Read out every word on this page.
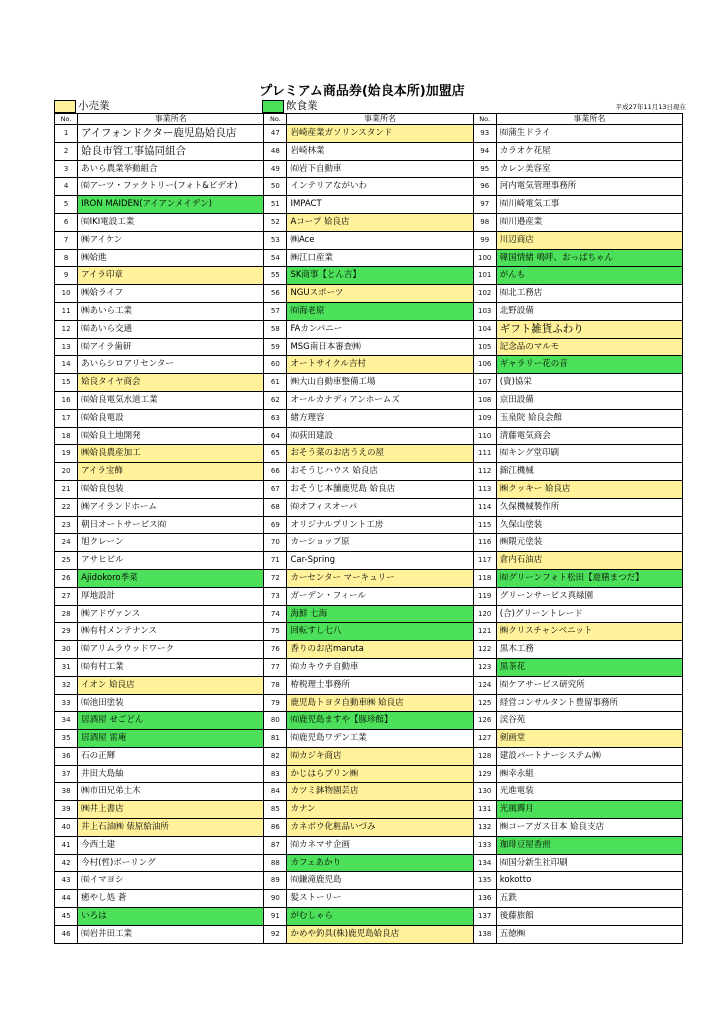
プレミアム商品券(姶良本所)加盟店
小売業	飲食業	平成27年11月13日現在
No.	事業所名	No.	事業所名	No.	事業所名
1	アイフォンドクター鹿児島姶良店	47	岩崎産業ガソリンスタンド	93	㈲蒲生ドライ
2	姶良市管工事協同組合	48	岩崎林業	94	カラオケ花屋
3	あいら農業挙動組合	49	㈲岩下自動車	95	カレン美容室
4	㈲アーツ・ファクトリー(フォト&ビデオ)	50	インテリアながいわ	96	河内電気管理事務所
5	IRON MAIDEN(アイアンメイデン)	51	IMPACT	97	㈲川崎電気工事
6	㈲IKI電設工業	52	Aコープ 姶良店	98	㈲川邉産業
7	㈱アイケン	53	㈱Ace	99	川辺商店
8	㈱姶進	54	㈱江口産業	100	韓国情緒 鳴呼、おっぱちゃん
9	アイラ印章	55	SK商事【とん吉】	101	がんも
10	㈱姶ライフ	56	NGUスポーツ	102	㈲北工務店
11	㈱あいら工業	57	㈲海老原	103	北野設備
12	㈲あいら交通	58	FAカンパニー	104	ギフト雑貨ふわり
13	㈲アイラ歯研	59	MSG南日本審査㈱	105	記念品のマルモ
14	あいらシロアリセンター	60	オートサイクル吉村	106	ギャラリー花の音
15	姶良タイヤ商会	61	㈱大山自動車整備工場	107	(資)協栄
16	㈲姶良電気水道工業	62	オールカナディアンホームズ	108	京田設備
17	㈲姶良電設	63	緒方理容	109	玉泉院 姶良会館
18	㈲姶良土地開発	64	㈲荻田建設	110	清藤電気商会
19	㈱姶良農産加工	65	おそう菜のお店うえの屋	111	㈲キング堂印刷
20	アイラ宝飾	66	おそうじハウス 姶良店	112	錦江機械
21	㈲姶良包装	67	おそうじ本舗鹿児島 姶良店	113	㈱クッキー 姶良店
22	㈱アイランドホーム	68	㈲オフィスオーパ	114	久保機械製作所
23	朝日オートサービス㈲	69	オリジナルプリント工房	115	久保山塗装
24	旭クレーン	70	カーショップ原	116	㈱隈元塗装
25	アサヒビル	71	Car-Spring	117	倉内石油店
26	Ajidokoro季菜	72	カーセンター マーキュリー	118	㈲グリーンフォト松田【遊膳まつだ】
27	厚地設計	73	ガーデン・フィール	119	グリーンサービス真緑園
28	㈱アドヴァンス	74	海鮮 七海	120	(合)グリーントレード
29	㈱有村メンテナンス	75	回転すし七八	121	㈱クリスチャンベニット
30	㈲アリムラウッドワーク	76	香りのお店maruta	122	黒木工務
31	㈲有村工業	77	㈲カキウチ自動車	123	黒茶花
32	イオン 姶良店	78	栫税理士事務所	124	㈲ケアサービス研究所
33	㈲池田塗装	79	鹿児島トヨタ自動車㈱ 姶良店	125	経営コンサルタント豊留事務所
34	居酒屋 せごどん	80	㈲鹿児島ますや【豚珍館】	126	渓谷苑
35	居酒屋 雷庵	81	㈲鹿児島ワデン工業	127	剣画堂
36	石の正輝	82	㈲カジキ商店	128	建設パートナーシステム㈱
37	井田大島紬	83	かじはらプリン㈱	129	㈱幸永組
38	㈱市田兄弟土木	84	カツミ鉢物園芸店	130	光進電装
39	㈱井上書店	85	カナン	131	光風霽月
40	井上石油㈱ 俵原給油所	86	カネボウ化粧品いづみ	132	㈱コーアガス日本 姶良支店
41	今西土建	87	㈲カネマサ企画	133	珈琲豆屋香煎
42	今村(哲)ボーリング	88	カフェあかり	134	㈲国分新生社印刷
43	㈲イマヨシ	89	㈲鎌滝鹿児島	135	kokotto
44	癒やし処 蒼	90	髪ストーリー	136	五鉄
45	いろは	91	がむしゃら	137	後藤旅館
46	㈲岩井田工業	92	かめや釣具(株)鹿児島姶良店	138	五徳㈱
